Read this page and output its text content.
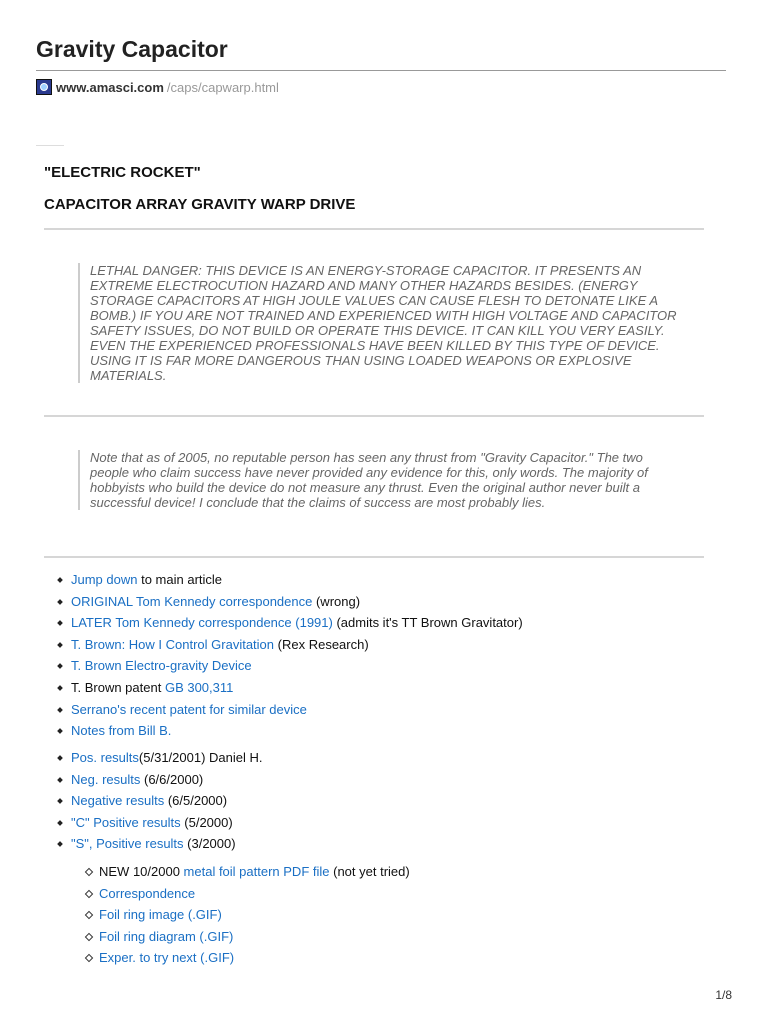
Gravity Capacitor
www.amasci.com /caps/capwarp.html
"ELECTRIC ROCKET"
CAPACITOR ARRAY GRAVITY WARP DRIVE

LETHAL DANGER: THIS DEVICE IS AN ENERGY-STORAGE CAPACITOR. IT PRESENTS AN EXTREME ELECTROCUTION HAZARD AND MANY OTHER HAZARDS BESIDES. (ENERGY STORAGE CAPACITORS AT HIGH JOULE VALUES CAN CAUSE FLESH TO DETONATE LIKE A BOMB.) IF YOU ARE NOT TRAINED AND EXPERIENCED WITH HIGH VOLTAGE AND CAPACITOR SAFETY ISSUES, DO NOT BUILD OR OPERATE THIS DEVICE. IT CAN KILL YOU VERY EASILY. EVEN THE EXPERIENCED PROFESSIONALS HAVE BEEN KILLED BY THIS TYPE OF DEVICE. USING IT IS FAR MORE DANGEROUS THAN USING LOADED WEAPONS OR EXPLOSIVE MATERIALS.

Note that as of 2005, no reputable person has seen any thrust from "Gravity Capacitor." The two people who claim success have never provided any evidence for this, only words. The majority of hobbyists who build the device do not measure any thrust. Even the original author never built a successful device! I conclude that the claims of success are most probably lies.

Jump down to main article
ORIGINAL Tom Kennedy correspondence (wrong)
LATER Tom Kennedy correspondence (1991) (admits it's TT Brown Gravitator)
T. Brown: How I Control Gravitation (Rex Research)
T. Brown Electro-gravity Device
T. Brown patent GB 300,311
Serrano's recent patent for similar device
Notes from Bill B.
Pos. results(5/31/2001) Daniel H.
Neg. results (6/6/2000)
Negative results (6/5/2000)
"C" Positive results (5/2000)
"S", Positive results (3/2000)
NEW 10/2000 metal foil pattern PDF file (not yet tried)
Correspondence
Foil ring image (.GIF)
Foil ring diagram (.GIF)
Exper. to try next (.GIF)
1/8
